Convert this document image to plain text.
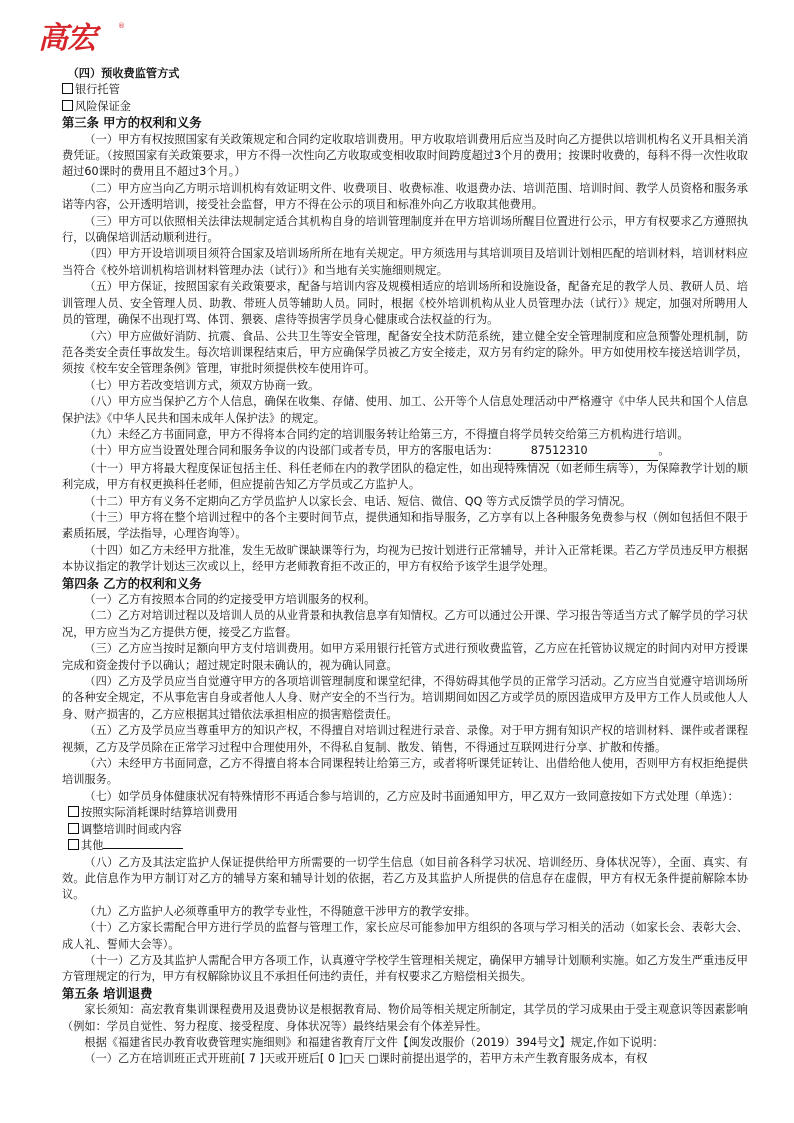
高宏	®

（四）预收费监管方式

银行托管

风险保证金

第三条 甲方的权利和义务

（一）甲方有权按照国家有关政策规定和合同约定收取培训费用。甲方收取培训费用后应当及时向乙方提供以培训机构名义开具相关消费凭证。（按照国家有关政策要求，甲方不得一次性向乙方收取或变相收取时间跨度超过3个月的费用；按课时收费的，每科不得一次性收取超过60课时的费用且不超过3个月。）

（二）甲方应当向乙方明示培训机构有效证明文件、收费项目、收费标准、收退费办法、培训范围、培训时间、教学人员资格和服务承诺等内容，公开透明培训，接受社会监督，甲方不得在公示的项目和标准外向乙方收取其他费用。

（三）甲方可以依照相关法律法规制定适合其机构自身的培训管理制度并在甲方培训场所醒目位置进行公示，甲方有权要求乙方遵照执行，以确保培训活动顺利进行。

（四）甲方开设培训项目须符合国家及培训场所所在地有关规定。甲方须选用与其培训项目及培训计划相匹配的培训材料，培训材料应当符合《校外培训机构培训材料管理办法（试行）》和当地有关实施细则规定。

（五）甲方保证，按照国家有关政策要求，配备与培训内容及规模相适应的培训场所和设施设备，配备充足的教学人员、教研人员、培训管理人员、安全管理人员、助教、带班人员等辅助人员。同时，根据《校外培训机构从业人员管理办法（试行）》规定，加强对所聘用人员的管理，确保不出现打骂、体罚、猥亵、虐待等损害学员身心健康或合法权益的行为。

（六）甲方应做好消防、抗震、食品、公共卫生等安全管理，配备安全技术防范系统，建立健全安全管理制度和应急预警处理机制，防范各类安全责任事故发生。每次培训课程结束后，甲方应确保学员被乙方安全接走，双方另有约定的除外。甲方如使用校车接送培训学员，须按《校车安全管理条例》管理，审批时须提供校车使用许可。

（七）甲方若改变培训方式，须双方协商一致。

（八）甲方应当保护乙方个人信息，确保在收集、存储、使用、加工、公开等个人信息处理活动中严格遵守《中华人民共和国个人信息保护法》《中华人民共和国未成年人保护法》的规定。

（九）未经乙方书面同意，甲方不得将本合同约定的培训服务转让给第三方，不得擅自将学员转交给第三方机构进行培训。

（十）甲方应当设置处理合同和服务争议的内设部门或者专员，甲方的客服电话为：	87512310	。

（十一）甲方将最大程度保证包括主任、科任老师在内的教学团队的稳定性，如出现特殊情况（如老师生病等），为保障教学计划的顺利完成，甲方有权更换科任老师，但应提前告知乙方学员或乙方监护人。

（十二）甲方有义务不定期向乙方学员监护人以家长会、电话、短信、微信、QQ 等方式反馈学员的学习情况。

（十三）甲方将在整个培训过程中的各个主要时间节点，提供通知和指导服务，乙方享有以上各种服务免费参与权（例如包括但不限于素质拓展，学法指导，心理咨询等）。

（十四）如乙方未经甲方批准，发生无故旷课缺课等行为，均视为已按计划进行正常辅导，并计入正常耗课。若乙方学员违反甲方根据本协议指定的教学计划达三次或以上，经甲方老师教育拒不改正的，甲方有权给予该学生退学处理。

第四条 乙方的权利和义务

（一）乙方有按照本合同的约定接受甲方培训服务的权利。

（二）乙方对培训过程以及培训人员的从业背景和执教信息享有知情权。乙方可以通过公开课、学习报告等适当方式了解学员的学习状况，甲方应当为乙方提供方便，接受乙方监督。

（三）乙方应当按时足额向甲方支付培训费用。如甲方采用银行托管方式进行预收费监管，乙方应在托管协议规定的时间内对甲方授课完成和资金拨付予以确认；超过规定时限未确认的，视为确认同意。

（四）乙方及学员应当自觉遵守甲方的各项培训管理制度和课堂纪律，不得妨碍其他学员的正常学习活动。乙方应当自觉遵守培训场所的各种安全规定，不从事危害自身或者他人人身、财产安全的不当行为。培训期间如因乙方或学员的原因造成甲方及甲方工作人员或他人人身、财产损害的，乙方应根据其过错依法承担相应的损害赔偿责任。

（五）乙方及学员应当尊重甲方的知识产权，不得擅自对培训过程进行录音、录像。对于甲方拥有知识产权的培训材料、课件或者课程视频，乙方及学员除在正常学习过程中合理使用外，不得私自复制、散发、销售，不得通过互联网进行分享、扩散和传播。

（六）未经甲方书面同意，乙方不得擅自将本合同课程转让给第三方，或者将听课凭证转让、出借给他人使用，否则甲方有权拒绝提供培训服务。

（七）如学员身体健康状况有特殊情形不再适合参与培训的，乙方应及时书面通知甲方，甲乙双方一致同意按如下方式处理（单选）：

按照实际消耗课时结算培训费用

调整培训时间或内容

其他

（八）乙方及其法定监护人保证提供给甲方所需要的一切学生信息（如目前各科学习状况、培训经历、身体状况等），全面、真实、有效。此信息作为甲方制订对乙方的辅导方案和辅导计划的依据，若乙方及其监护人所提供的信息存在虚假，甲方有权无条件提前解除本协议。

（九）乙方监护人必须尊重甲方的教学专业性，不得随意干涉甲方的教学安排。

（十）乙方家长需配合甲方进行学员的监督与管理工作，家长应尽可能参加甲方组织的各项与学习相关的活动（如家长会、表彰大会、成人礼、誓师大会等）。

（十一）乙方及其监护人需配合甲方各项工作，认真遵守学校学生管理相关规定，确保甲方辅导计划顺利实施。如乙方发生严重违反甲方管理规定的行为，甲方有权解除协议且不承担任何违约责任，并有权要求乙方赔偿相关损失。

第五条 培训退费

家长须知：高宏教育集训课程费用及退费协议是根据教育局、物价局等相关规定所制定，其学员的学习成果由于受主观意识等因素影响（例如：学员自觉性、努力程度、接受程度、身体状况等）最终结果会有个体差异性。

根据《福建省民办教育收费管理实施细则》和福建省教育厅文件【闽发改服价（2019）394号文】规定,作如下说明：

（一）乙方在培训班正式开班前[ 7 ]天或开班后[ 0 ]□天 □课时前提出退学的，若甲方未产生教育服务成本，有权
